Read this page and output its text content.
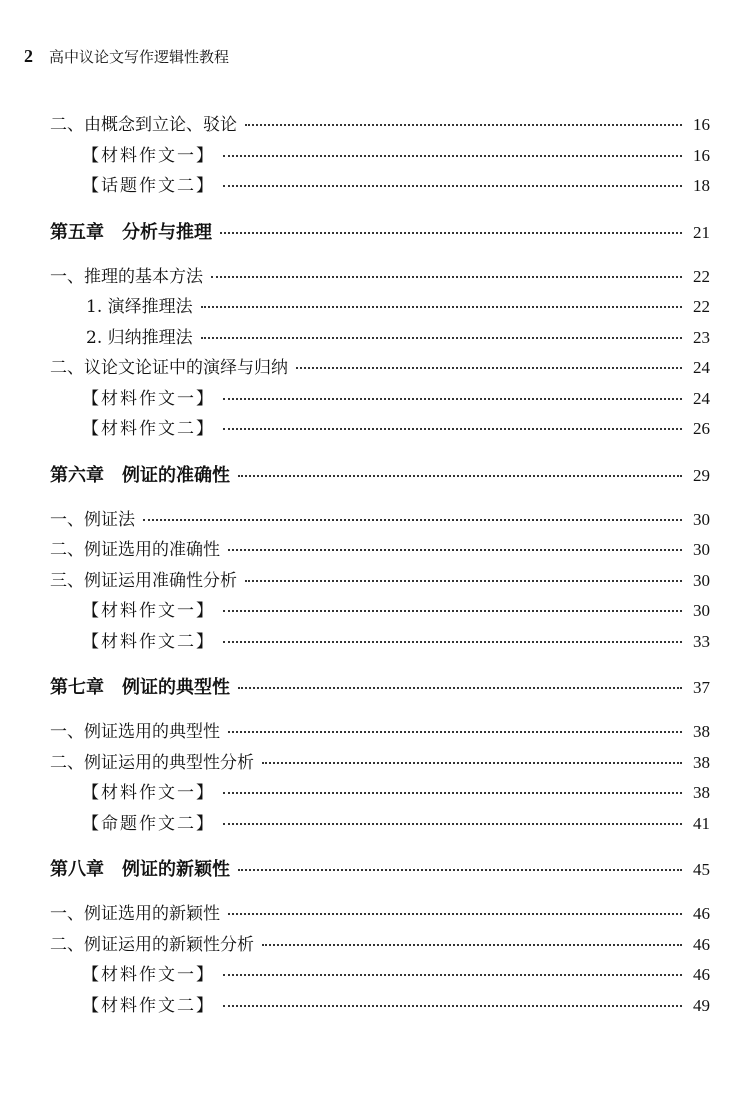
2 高中议论文写作逻辑性教程
二、由概念到立论、驳论	16
【材料作文一】	16
【话题作文二】	18
第五章 分析与推理	21
一、推理的基本方法	22
1. 演绎推理法	22
2. 归纳推理法	23
二、议论文论证中的演绎与归纳	24
【材料作文一】	24
【材料作文二】	26
第六章 例证的准确性	29
一、例证法	30
二、例证选用的准确性	30
三、例证运用准确性分析	30
【材料作文一】	30
【材料作文二】	33
第七章 例证的典型性	37
一、例证选用的典型性	38
二、例证运用的典型性分析	38
【材料作文一】	38
【命题作文二】	41
第八章 例证的新颖性	45
一、例证选用的新颖性	46
二、例证运用的新颖性分析	46
【材料作文一】	46
【材料作文二】	49
